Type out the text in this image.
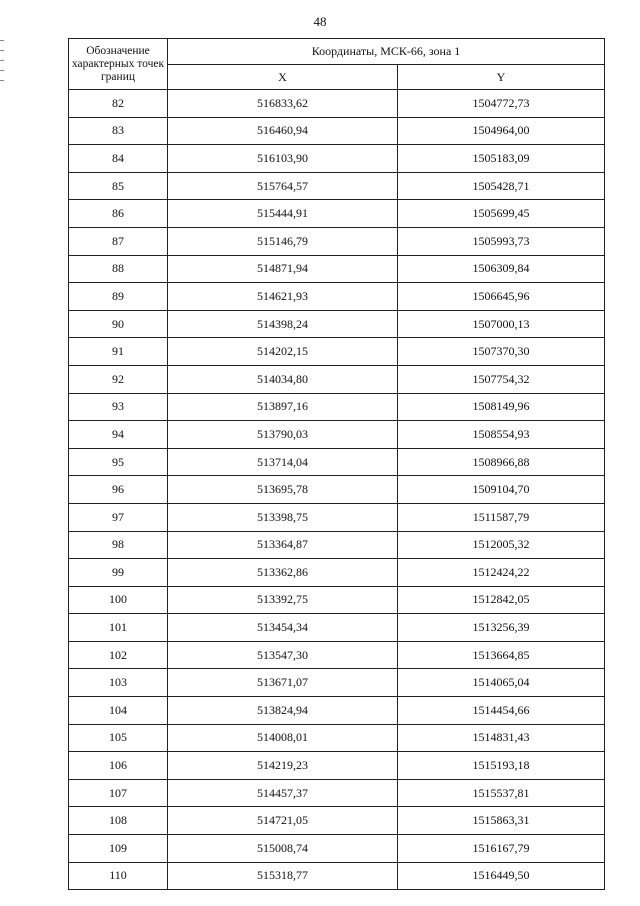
48
Обозначение характерных точек границ	Координаты, МСК-66, зона 1	
	X	Y
82	516833,62	1504772,73
83	516460,94	1504964,00
84	516103,90	1505183,09
85	515764,57	1505428,71
86	515444,91	1505699,45
87	515146,79	1505993,73
88	514871,94	1506309,84
89	514621,93	1506645,96
90	514398,24	1507000,13
91	514202,15	1507370,30
92	514034,80	1507754,32
93	513897,16	1508149,96
94	513790,03	1508554,93
95	513714,04	1508966,88
96	513695,78	1509104,70
97	513398,75	1511587,79
98	513364,87	1512005,32
99	513362,86	1512424,22
100	513392,75	1512842,05
101	513454,34	1513256,39
102	513547,30	1513664,85
103	513671,07	1514065,04
104	513824,94	1514454,66
105	514008,01	1514831,43
106	514219,23	1515193,18
107	514457,37	1515537,81
108	514721,05	1515863,31
109	515008,74	1516167,79
110	515318,77	1516449,50
